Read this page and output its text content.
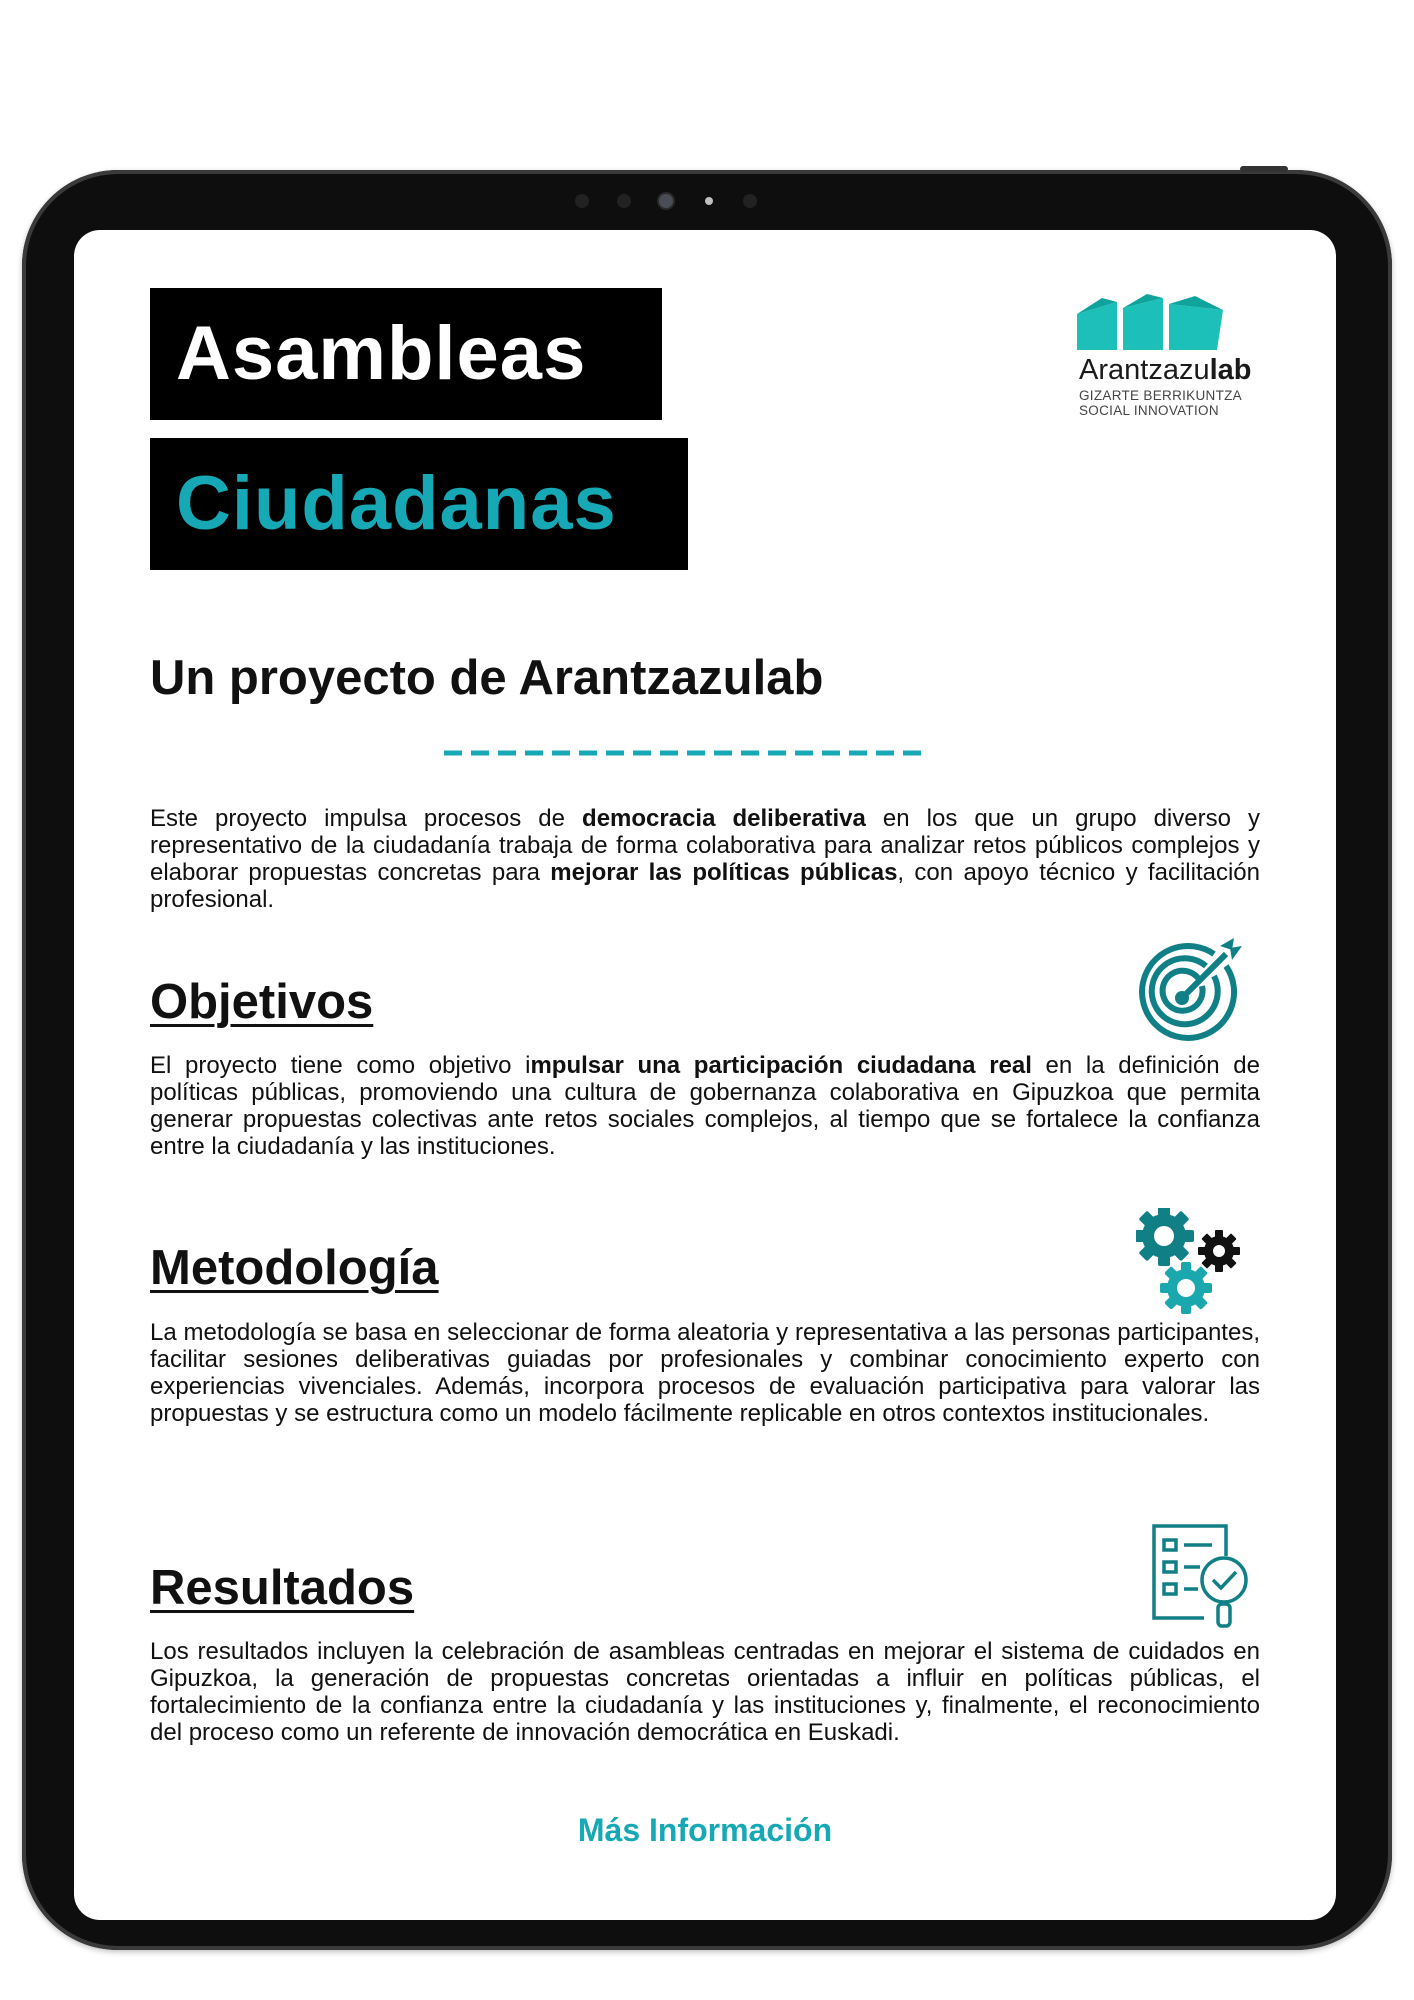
Asambleas
Ciudadanas
Arantzazulab
GIZARTE BERRIKUNTZA
SOCIAL INNOVATION
Un proyecto de Arantzazulab

Este proyecto impulsa procesos de democracia deliberativa en los que un grupo diverso y representativo de la ciudadanía trabaja de forma colaborativa para analizar retos públicos complejos y elaborar propuestas concretas para mejorar las políticas públicas, con apoyo técnico y facilitación profesional.

Objetivos

El proyecto tiene como objetivo impulsar una participación ciudadana real en la definición de políticas públicas, promoviendo una cultura de gobernanza colaborativa en Gipuzkoa que permita generar propuestas colectivas ante retos sociales complejos, al tiempo que se fortalece la confianza entre la ciudadanía y las instituciones.

Metodología

La metodología se basa en seleccionar de forma aleatoria y representativa a las personas participantes, facilitar sesiones deliberativas guiadas por profesionales y combinar conocimiento experto con experiencias vivenciales. Además, incorpora procesos de evaluación participativa para valorar las propuestas y se estructura como un modelo fácilmente replicable en otros contextos institucionales.

Resultados

Los resultados incluyen la celebración de asambleas centradas en mejorar el sistema de cuidados en Gipuzkoa, la generación de propuestas concretas orientadas a influir en políticas públicas, el fortalecimiento de la confianza entre la ciudadanía y las instituciones y, finalmente, el reconocimiento del proceso como un referente de innovación democrática en Euskadi.

Más Información
